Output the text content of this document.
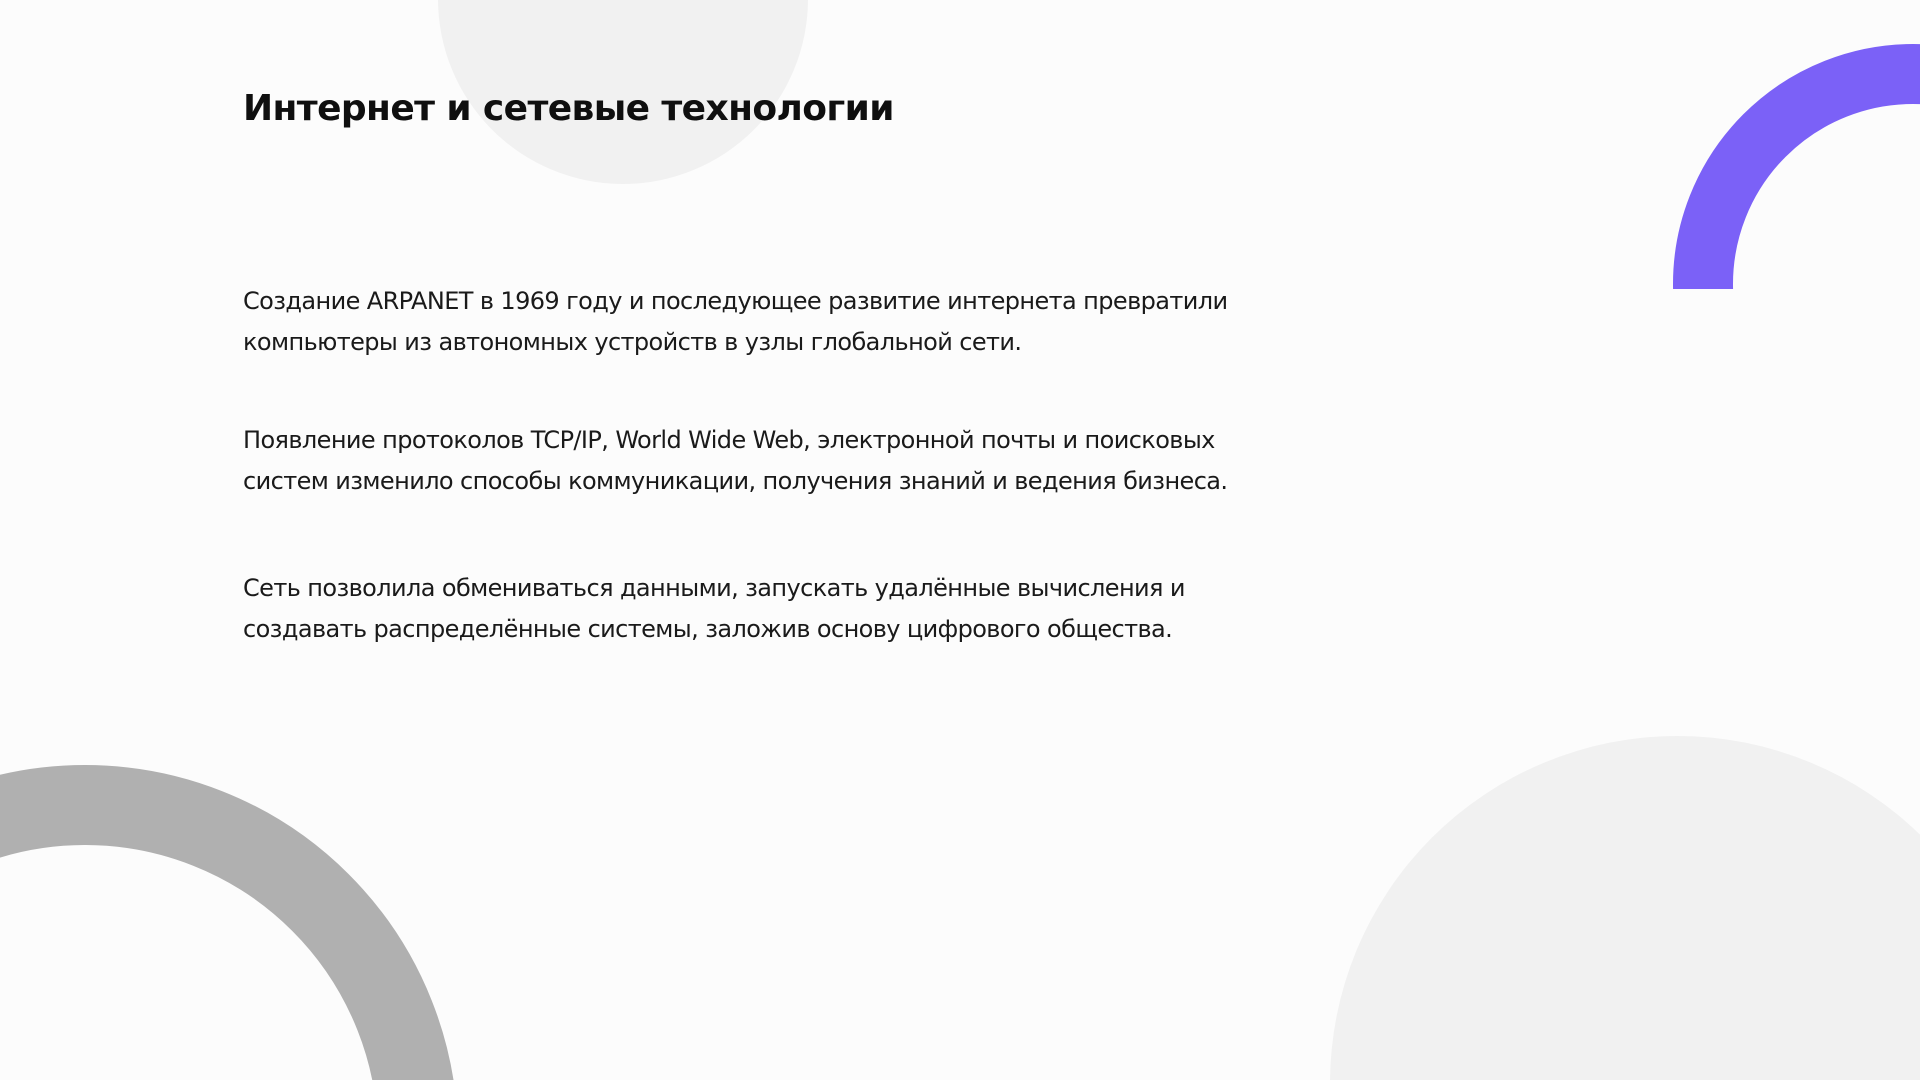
Интернет и сетевые технологии

Создание ARPANET в 1969 году и последующее развитие интернета превратили компьютеры из автономных устройств в узлы глобальной сети.

Появление протоколов TCP/IP, World Wide Web, электронной почты и поисковых систем изменило способы коммуникации, получения знаний и ведения бизнеса.

Сеть позволила обмениваться данными, запускать удалённые вычисления и создавать распределённые системы, заложив основу цифрового общества.
